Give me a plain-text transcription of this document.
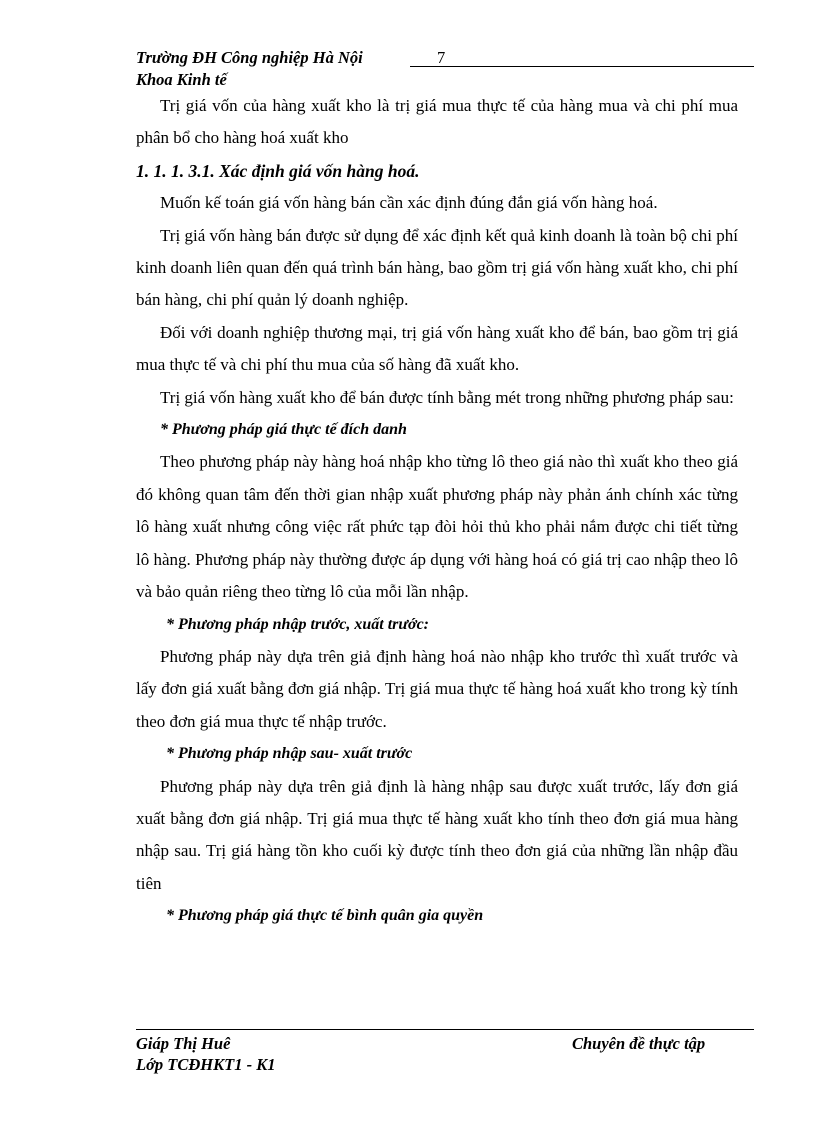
Trường ĐH Công nghiệp Hà Nội	7
Khoa Kinh tế

Trị giá vốn của hàng xuất kho là trị giá mua thực tế của hàng mua và chi phí mua phân bổ cho hàng hoá xuất kho

1. 1. 1. 3.1. Xác định giá vốn hàng hoá.

Muốn kế toán giá vốn hàng bán cần xác định đúng đắn giá vốn hàng hoá.

Trị giá vốn hàng bán được sử dụng để xác định kết quả kinh doanh là toàn bộ chi phí kinh doanh liên quan đến quá trình bán hàng, bao gồm trị giá vốn hàng xuất kho, chi phí bán hàng, chi phí quản lý doanh nghiệp.

Đối với doanh nghiệp thương mại, trị giá vốn hàng xuất kho để bán, bao gồm trị giá mua thực tế và chi phí thu mua của số hàng đã xuất kho.

Trị giá vốn hàng xuất kho để bán được tính bằng mét trong những phương pháp sau:

* Phương pháp giá thực tế đích danh

Theo phương pháp này hàng hoá nhập kho từng lô theo giá nào thì xuất kho theo giá đó không quan tâm đến thời gian nhập xuất phương pháp này phản ánh chính xác từng lô hàng xuất nhưng công việc rất phức tạp đòi hỏi thủ kho phải nắm được chi tiết từng lô hàng. Phương pháp này thường được áp dụng với hàng hoá có giá trị cao nhập theo lô và bảo quản riêng theo từng lô của mỗi lần nhập.

* Phương pháp nhập trước, xuất trước:

Phương pháp này dựa trên giả định hàng hoá nào nhập kho trước thì xuất trước và lấy đơn giá xuất bằng đơn giá nhập. Trị giá mua thực tế hàng hoá xuất kho trong kỳ tính theo đơn giá mua thực tế nhập trước.

* Phương pháp nhập sau- xuất trước

Phương pháp này dựa trên giả định là hàng nhập sau được xuất trước, lấy đơn giá xuất bằng đơn giá nhập. Trị giá mua thực tế hàng xuất kho tính theo đơn giá mua hàng nhập sau. Trị giá hàng tồn kho cuối kỳ được tính theo đơn giá của những lần nhập đầu tiên

* Phương pháp giá thực tế bình quân gia quyền
Giáp Thị Huê	Chuyên đề thực tập
Lớp TCĐHKT1 - K1
